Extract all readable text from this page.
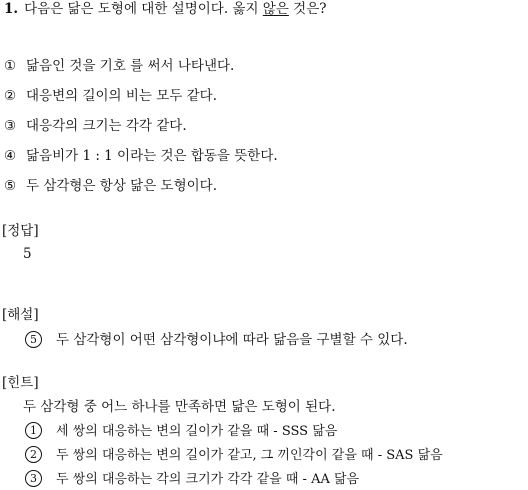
1. 다음은 닮은 도형에 대한 설명이다. 옳지 않은 것은?
① 닮음인 것을 기호 를 써서 나타낸다.
② 대응변의 길이의 비는 모두 같다.
③ 대응각의 크기는 각각 같다.
④ 닮음비가 1 : 1 이라는 것은 합동을 뜻한다.
⑤ 두 삼각형은 항상 닮은 도형이다.
[정답]
5
[해설]
5 두 삼각형이 어떤 삼각형이냐에 따라 닮음을 구별할 수 있다.
[힌트]
두 삼각형 중 어느 하나를 만족하면 닮은 도형이 된다.
1 세 쌍의 대응하는 변의 길이가 같을 때 - SSS 닮음
2 두 쌍의 대응하는 변의 길이가 같고, 그 끼인각이 같을 때 - SAS 닮음
3 두 쌍의 대응하는 각의 크기가 각각 같을 때 - AA 닮음
